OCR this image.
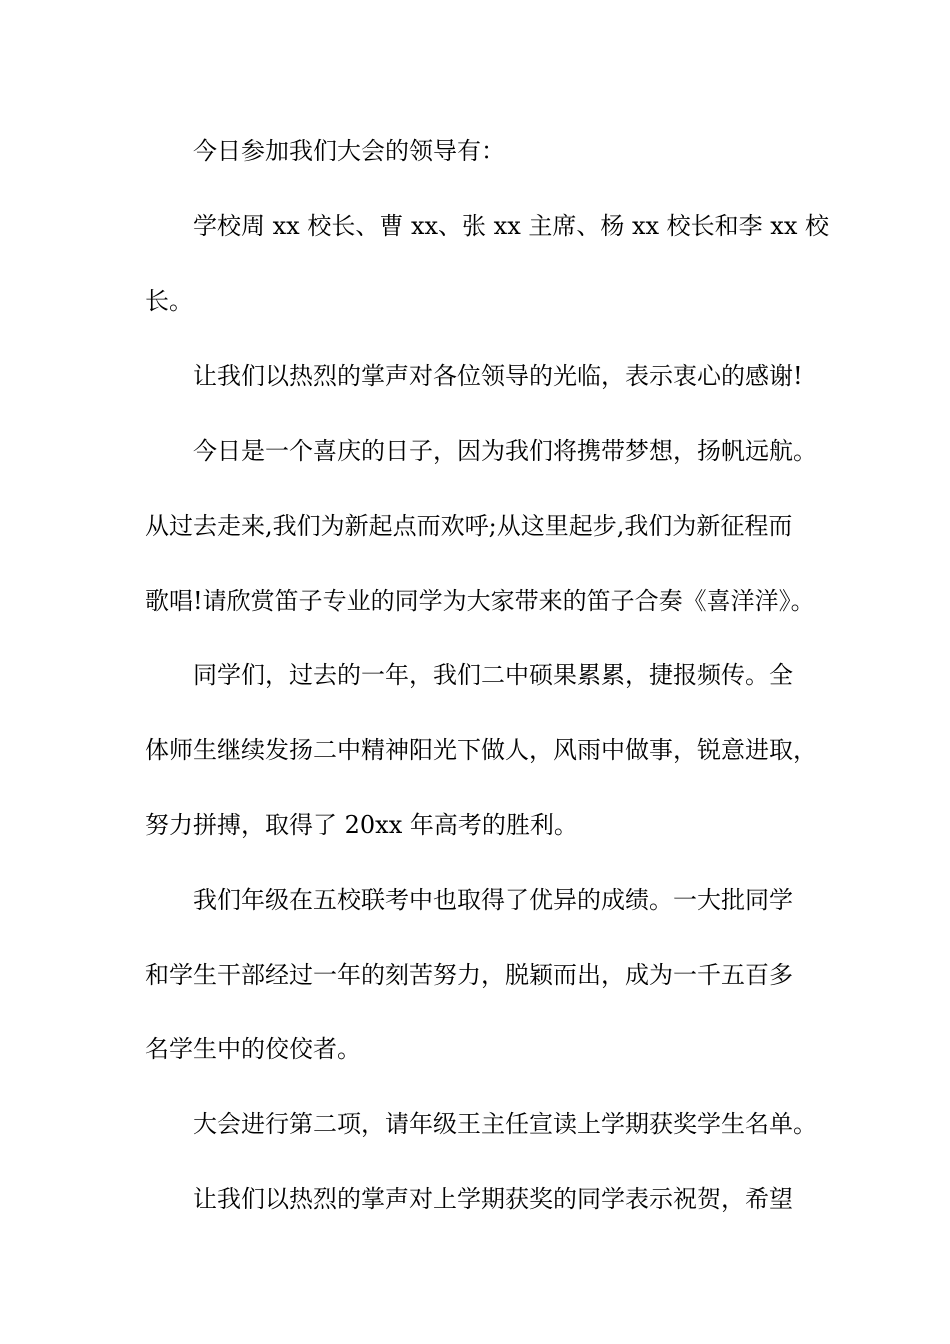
今日参加我们大会的领导有：
学校周 xx 校长、曹 xx、张 xx 主席、杨 xx 校长和李 xx 校
长。
让我们以热烈的掌声对各位领导的光临，表示衷心的感谢!
今日是一个喜庆的日子，因为我们将携带梦想，扬帆远航。
从过去走来,我们为新起点而欢呼;从这里起步,我们为新征程而
歌唱!请欣赏笛子专业的同学为大家带来的笛子合奏《喜洋洋》。
同学们，过去的一年，我们二中硕果累累，捷报频传。全
体师生继续发扬二中精神阳光下做人，风雨中做事，锐意进取，
努力拼搏，取得了 20xx 年高考的胜利。
我们年级在五校联考中也取得了优异的成绩。一大批同学
和学生干部经过一年的刻苦努力，脱颖而出，成为一千五百多
名学生中的佼佼者。
大会进行第二项，请年级王主任宣读上学期获奖学生名单。
让我们以热烈的掌声对上学期获奖的同学表示祝贺，希望
